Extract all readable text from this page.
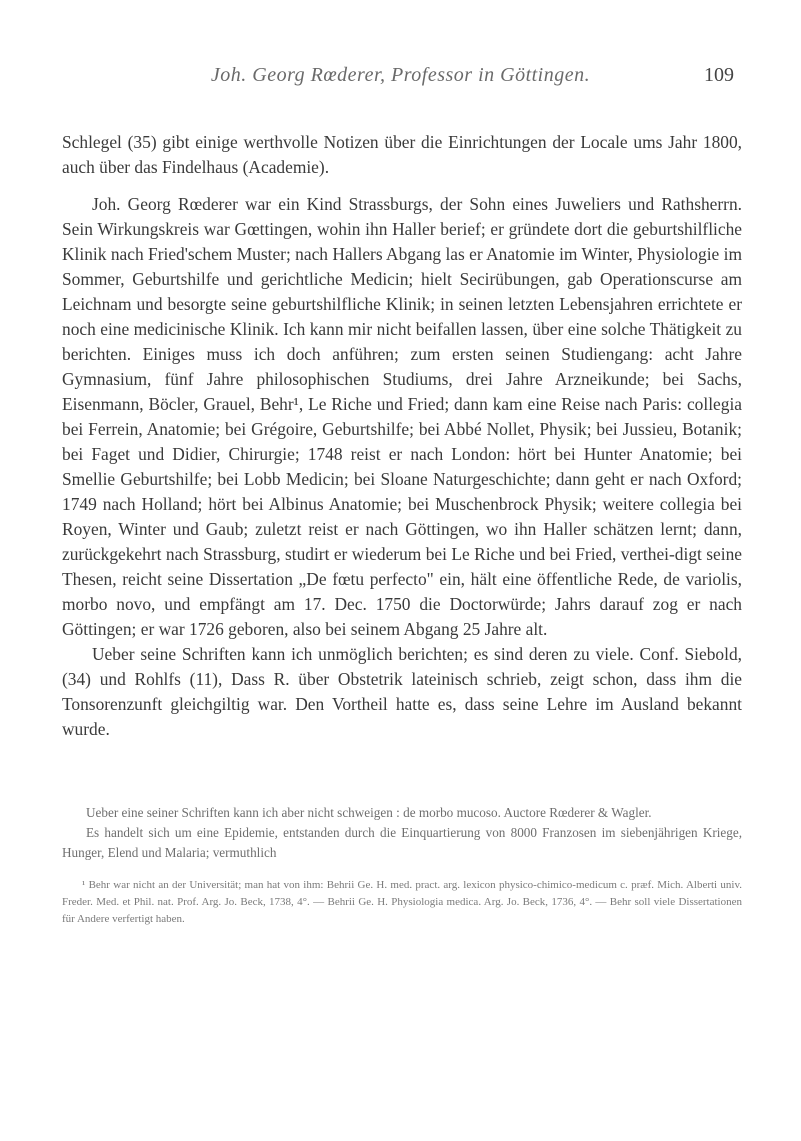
Joh. Georg Rœderer, Professor in Göttingen.	109

Schlegel (35) gibt einige werthvolle Notizen über die Einrichtungen der Locale ums Jahr 1800, auch über das Findelhaus (Academie).

Joh. Georg Rœderer war ein Kind Strassburgs, der Sohn eines Juweliers und Rathsherrn. Sein Wirkungskreis war Gœttingen, wohin ihn Haller berief; er gründete dort die geburtshilfliche Klinik nach Fried'schem Muster; nach Hallers Abgang las er Anatomie im Winter, Physiologie im Sommer, Geburtshilfe und gerichtliche Medicin; hielt Secirübungen, gab Operationscurse am Leichnam und besorgte seine geburtshilfliche Klinik; in seinen letzten Lebensjahren errichtete er noch eine medicinische Klinik. Ich kann mir nicht beifallen lassen, über eine solche Thätigkeit zu berichten. Einiges muss ich doch anführen; zum ersten seinen Studiengang: acht Jahre Gymnasium, fünf Jahre philosophischen Studiums, drei Jahre Arzneikunde; bei Sachs, Eisenmann, Böcler, Grauel, Behr¹, Le Riche und Fried; dann kam eine Reise nach Paris: collegia bei Ferrein, Anatomie; bei Grégoire, Geburtshilfe; bei Abbé Nollet, Physik; bei Jussieu, Botanik; bei Faget und Didier, Chirurgie; 1748 reist er nach London: hört bei Hunter Anatomie; bei Smellie Geburtshilfe; bei Lobb Medicin; bei Sloane Naturgeschichte; dann geht er nach Oxford; 1749 nach Holland; hört bei Albinus Anatomie; bei Muschenbrock Physik; weitere collegia bei Royen, Winter und Gaub; zuletzt reist er nach Göttingen, wo ihn Haller schätzen lernt; dann, zurückgekehrt nach Strassburg, studirt er wiederum bei Le Riche und bei Fried, verthei-digt seine Thesen, reicht seine Dissertation „De fœtu perfecto" ein, hält eine öffentliche Rede, de variolis, morbo novo, und empfängt am 17. Dec. 1750 die Doctorwürde; Jahrs darauf zog er nach Göttingen; er war 1726 geboren, also bei seinem Abgang 25 Jahre alt.

Ueber seine Schriften kann ich unmöglich berichten; es sind deren zu viele. Conf. Siebold, (34) und Rohlfs (11), Dass R. über Obstetrik lateinisch schrieb, zeigt schon, dass ihm die Tonsorenzunft gleichgiltig war. Den Vortheil hatte es, dass seine Lehre im Ausland bekannt wurde.

Ueber eine seiner Schriften kann ich aber nicht schweigen : de morbo mucoso. Auctore Rœderer & Wagler.

Es handelt sich um eine Epidemie, entstanden durch die Einquartierung von 8000 Franzosen im siebenjährigen Kriege, Hunger, Elend und Malaria; vermuthlich

¹ Behr war nicht an der Universität; man hat von ihm: Behrii Ge. H. med. pract. arg. lexicon physico-chimico-medicum c. præf. Mich. Alberti univ. Freder. Med. et Phil. nat. Prof. Arg. Jo. Beck, 1738, 4°. — Behrii Ge. H. Physiologia medica. Arg. Jo. Beck, 1736, 4°. — Behr soll viele Dissertationen für Andere verfertigt haben.
